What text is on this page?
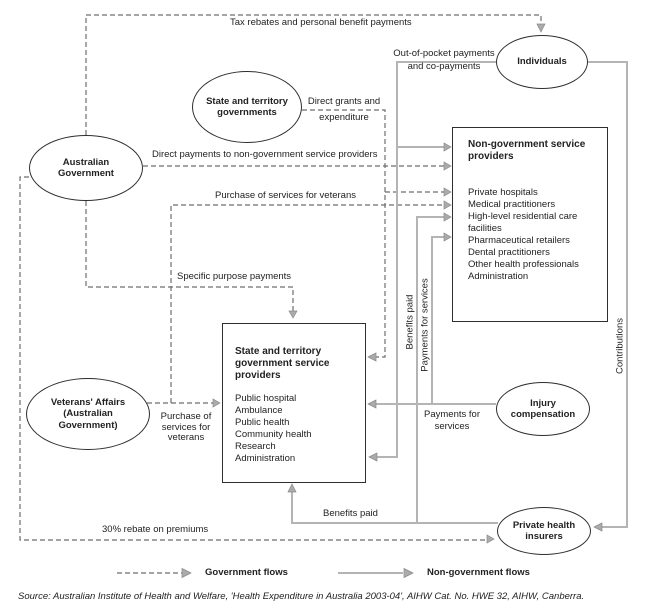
Individuals
State and territory governments
Australian Government
Veterans' Affairs (Australian Government)
Injury compensation
Private health insurers
Non-government service providers
Private hospitals
Medical practitioners
High-level residential care facilities
Pharmaceutical retailers
Dental practitioners
Other health professionals
Administration
State and territory government service providers
Public hospital
Ambulance
Public health
Community health
Research
Administration
Tax rebates and personal benefit payments
Out-of-pocket payments and co-payments
Direct grants and expenditure
Direct payments to non-government service providers
Purchase of services for veterans
Specific purpose payments
Purchase of services for veterans
Payments for services
Benefits paid
30% rebate on premiums
Benefits paid Payments for services	Contributions
Government flows	Non-government flows
Source: Australian Institute of Health and Welfare, 'Health Expenditure in Australia 2003-04', AIHW Cat. No. HWE 32, AIHW, Canberra.
